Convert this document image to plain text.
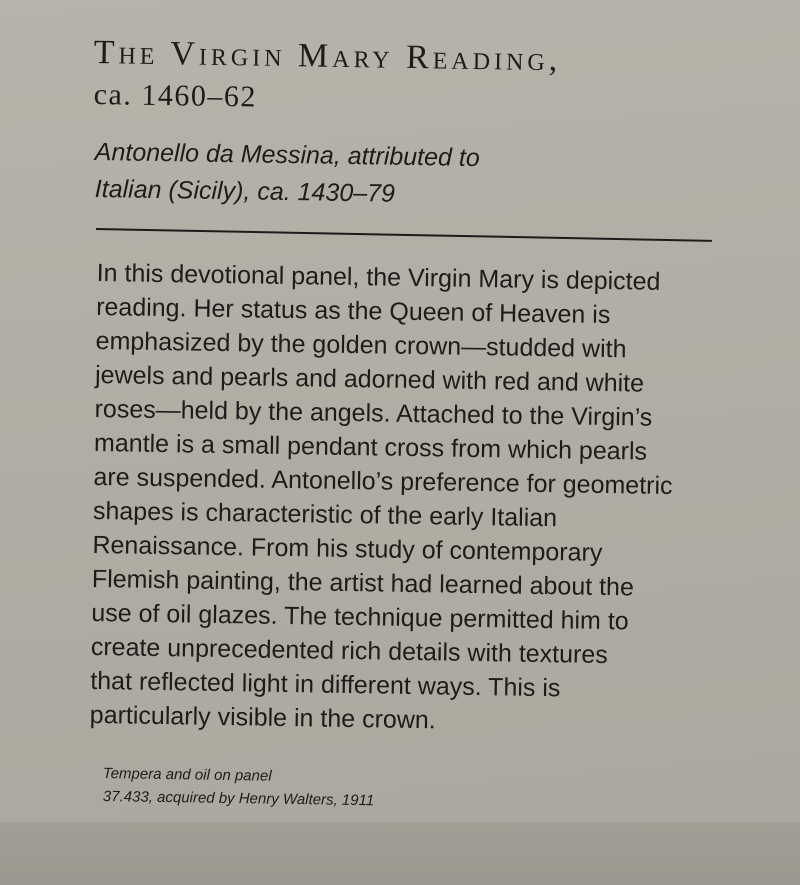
The Virgin Mary Reading,
ca. 1460–62
Antonello da Messina, attributed to
Italian (Sicily), ca. 1430–79
In this devotional panel, the Virgin Mary is depicted
reading. Her status as the Queen of Heaven is
emphasized by the golden crown—studded with
jewels and pearls and adorned with red and white
roses—held by the angels. Attached to the Virgin’s
mantle is a small pendant cross from which pearls
are suspended. Antonello’s preference for geometric
shapes is characteristic of the early Italian
Renaissance. From his study of contemporary
Flemish painting, the artist had learned about the
use of oil glazes. The technique permitted him to
create unprecedented rich details with textures
that reflected light in different ways. This is
particularly visible in the crown.
Tempera and oil on panel
37.433, acquired by Henry Walters, 1911
